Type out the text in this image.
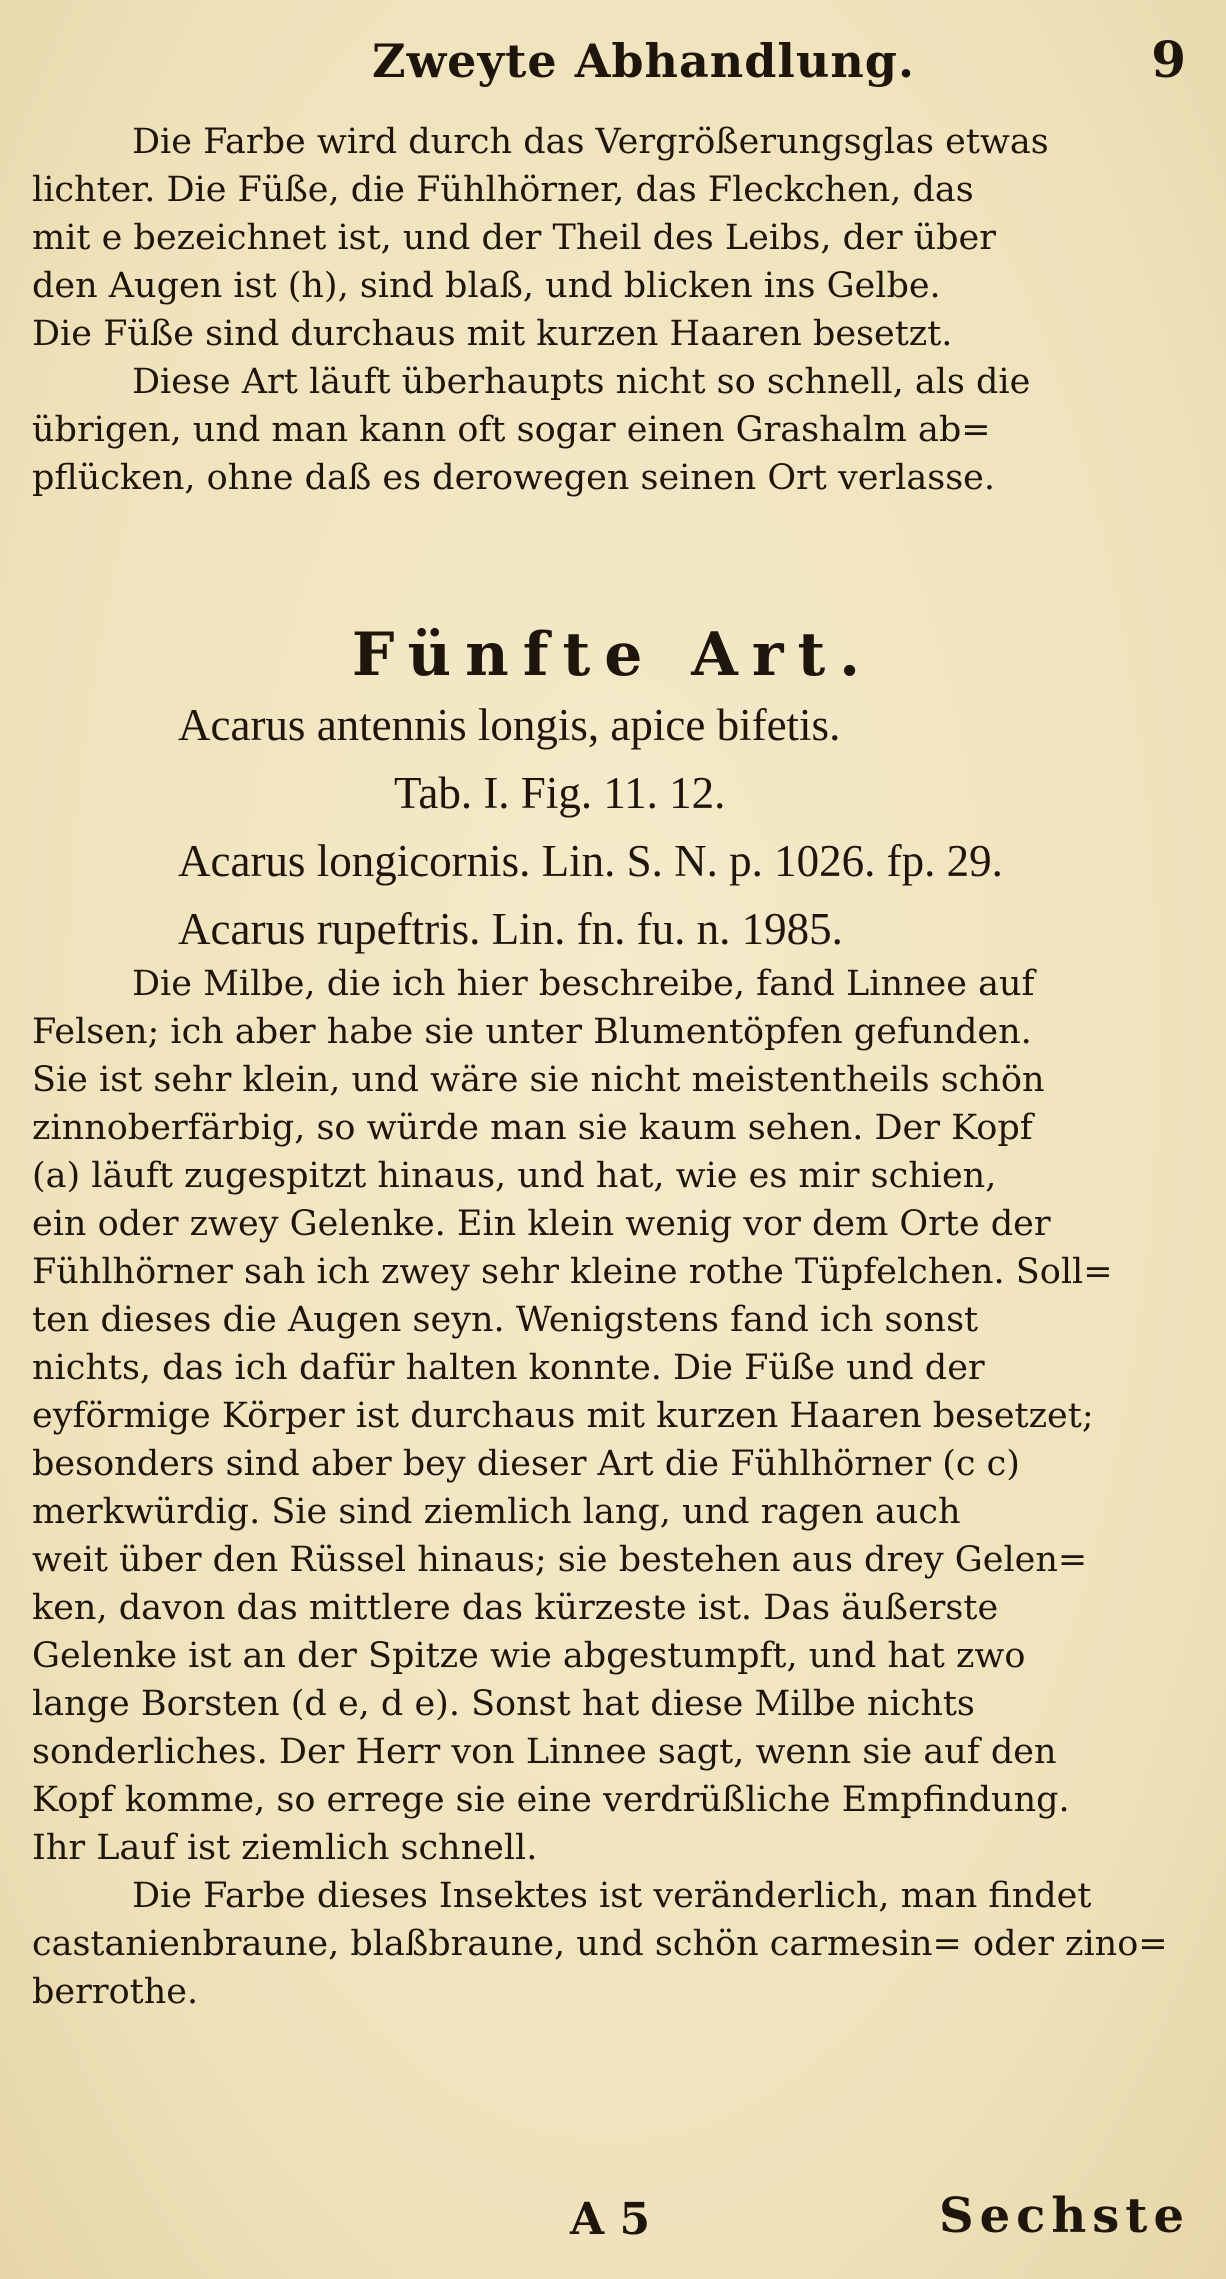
Zweyte Abhandlung.	9
Die Farbe wird durch das Vergrößerungsglas etwas
lichter. Die Füße, die Fühlhörner, das Fleckchen, das
mit e bezeichnet ist, und der Theil des Leibs, der über
den Augen ist (h), sind blaß, und blicken ins Gelbe.
Die Füße sind durchaus mit kurzen Haaren besetzt.
Diese Art läuft überhaupts nicht so schnell, als die
übrigen, und man kann oft sogar einen Grashalm ab=
pflücken, ohne daß es derowegen seinen Ort verlasse.
Fünfte Art.
Acarus antennis longis, apice bifetis.
Tab. I. Fig. 11. 12.
Acarus longicornis. Lin. S. N. p. 1026. fp. 29.
Acarus rupeftris. Lin. fn. fu. n. 1985.
Die Milbe, die ich hier beschreibe, fand Linnee auf
Felsen; ich aber habe sie unter Blumentöpfen gefunden.
Sie ist sehr klein, und wäre sie nicht meistentheils schön
zinnoberfärbig, so würde man sie kaum sehen. Der Kopf
(a) läuft zugespitzt hinaus, und hat, wie es mir schien,
ein oder zwey Gelenke. Ein klein wenig vor dem Orte der
Fühlhörner sah ich zwey sehr kleine rothe Tüpfelchen. Soll=
ten dieses die Augen seyn. Wenigstens fand ich sonst
nichts, das ich dafür halten konnte. Die Füße und der
eyförmige Körper ist durchaus mit kurzen Haaren besetzet;
besonders sind aber bey dieser Art die Fühlhörner (c c)
merkwürdig. Sie sind ziemlich lang, und ragen auch
weit über den Rüssel hinaus; sie bestehen aus drey Gelen=
ken, davon das mittlere das kürzeste ist. Das äußerste
Gelenke ist an der Spitze wie abgestumpft, und hat zwo
lange Borsten (d e, d e). Sonst hat diese Milbe nichts
sonderliches. Der Herr von Linnee sagt, wenn sie auf den
Kopf komme, so errege sie eine verdrüßliche Empfindung.
Ihr Lauf ist ziemlich schnell.
Die Farbe dieses Insektes ist veränderlich, man findet
castanienbraune, blaßbraune, und schön carmesin= oder zino=
berrothe.
A 5	Sechste
